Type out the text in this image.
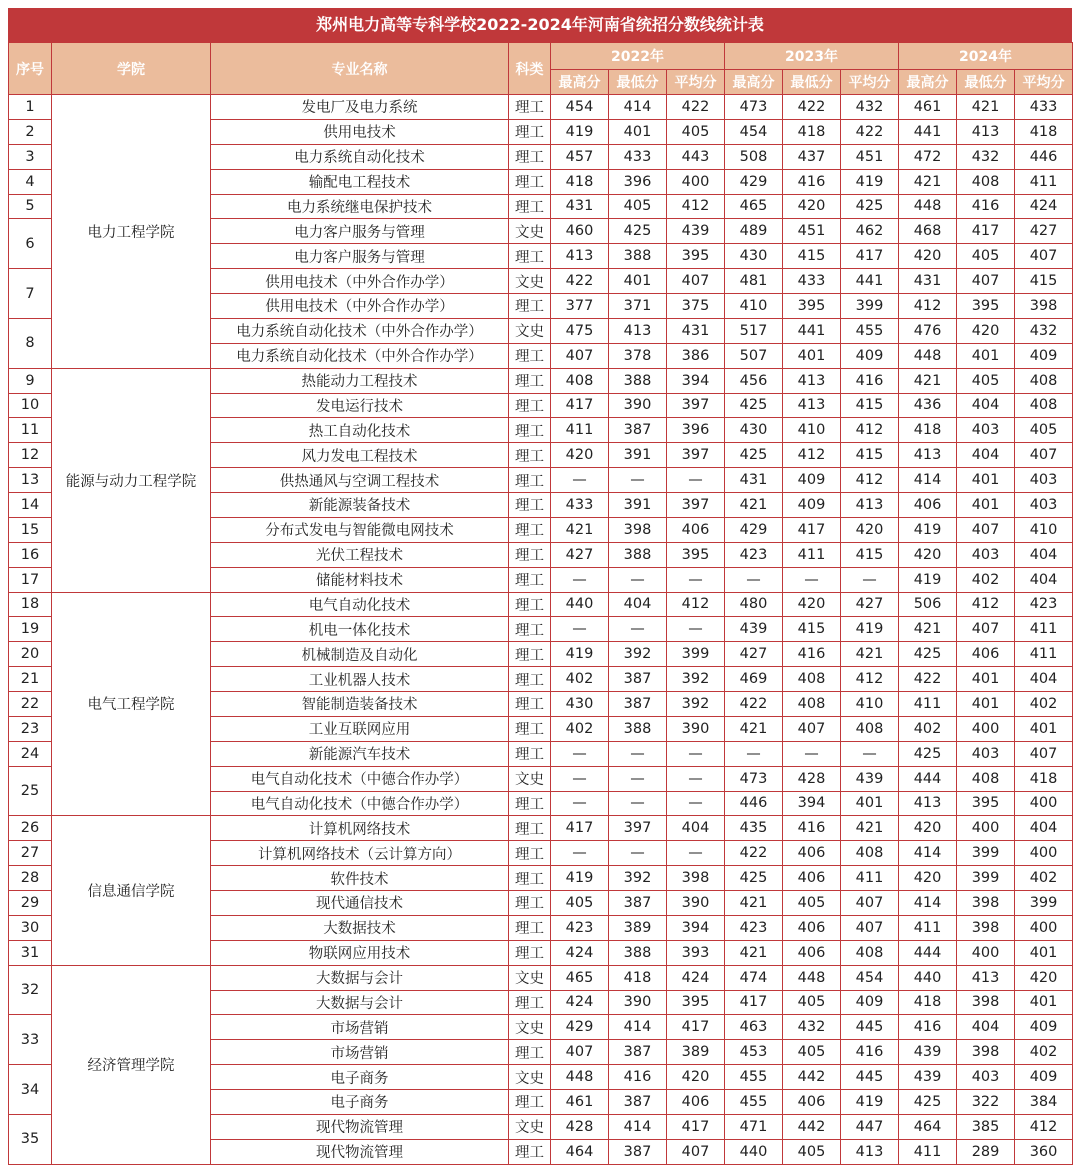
郑州电力高等专科学校2022-2024年河南省统招分数线统计表
序号	学院	专业名称	科类	2022年			2023年			2024年		
				最高分	最低分	平均分	最高分	最低分	平均分	最高分	最低分	平均分
1	电力工程学院	发电厂及电力系统	理工	454	414	422	473	422	432	461	421	433
2		供用电技术	理工	419	401	405	454	418	422	441	413	418
3		电力系统自动化技术	理工	457	433	443	508	437	451	472	432	446
4		输配电工程技术	理工	418	396	400	429	416	419	421	408	411
5		电力系统继电保护技术	理工	431	405	412	465	420	425	448	416	424
6		电力客户服务与管理	文史	460	425	439	489	451	462	468	417	427
		电力客户服务与管理	理工	413	388	395	430	415	417	420	405	407
7		供用电技术（中外合作办学）	文史	422	401	407	481	433	441	431	407	415
		供用电技术（中外合作办学）	理工	377	371	375	410	395	399	412	395	398
8		电力系统自动化技术（中外合作办学）	文史	475	413	431	517	441	455	476	420	432
		电力系统自动化技术（中外合作办学）	理工	407	378	386	507	401	409	448	401	409
9	能源与动力工程学院	热能动力工程技术	理工	408	388	394	456	413	416	421	405	408
10		发电运行技术	理工	417	390	397	425	413	415	436	404	408
11		热工自动化技术	理工	411	387	396	430	410	412	418	403	405
12		风力发电工程技术	理工	420	391	397	425	412	415	413	404	407
13		供热通风与空调工程技术	理工	—	—	—	431	409	412	414	401	403
14		新能源装备技术	理工	433	391	397	421	409	413	406	401	403
15		分布式发电与智能微电网技术	理工	421	398	406	429	417	420	419	407	410
16		光伏工程技术	理工	427	388	395	423	411	415	420	403	404
17		储能材料技术	理工	—	—	—	—	—	—	419	402	404
18	电气工程学院	电气自动化技术	理工	440	404	412	480	420	427	506	412	423
19		机电一体化技术	理工	—	—	—	439	415	419	421	407	411
20		机械制造及自动化	理工	419	392	399	427	416	421	425	406	411
21		工业机器人技术	理工	402	387	392	469	408	412	422	401	404
22		智能制造装备技术	理工	430	387	392	422	408	410	411	401	402
23		工业互联网应用	理工	402	388	390	421	407	408	402	400	401
24		新能源汽车技术	理工	—	—	—	—	—	—	425	403	407
25		电气自动化技术（中德合作办学）	文史	—	—	—	473	428	439	444	408	418
		电气自动化技术（中德合作办学）	理工	—	—	—	446	394	401	413	395	400
26	信息通信学院	计算机网络技术	理工	417	397	404	435	416	421	420	400	404
27		计算机网络技术（云计算方向）	理工	—	—	—	422	406	408	414	399	400
28		软件技术	理工	419	392	398	425	406	411	420	399	402
29		现代通信技术	理工	405	387	390	421	405	407	414	398	399
30		大数据技术	理工	423	389	394	423	406	407	411	398	400
31		物联网应用技术	理工	424	388	393	421	406	408	444	400	401
32	经济管理学院	大数据与会计	文史	465	418	424	474	448	454	440	413	420
		大数据与会计	理工	424	390	395	417	405	409	418	398	401
33		市场营销	文史	429	414	417	463	432	445	416	404	409
		市场营销	理工	407	387	389	453	405	416	439	398	402
34		电子商务	文史	448	416	420	455	442	445	439	403	409
		电子商务	理工	461	387	406	455	406	419	425	322	384
35		现代物流管理	文史	428	414	417	471	442	447	464	385	412
		现代物流管理	理工	464	387	407	440	405	413	411	289	360
